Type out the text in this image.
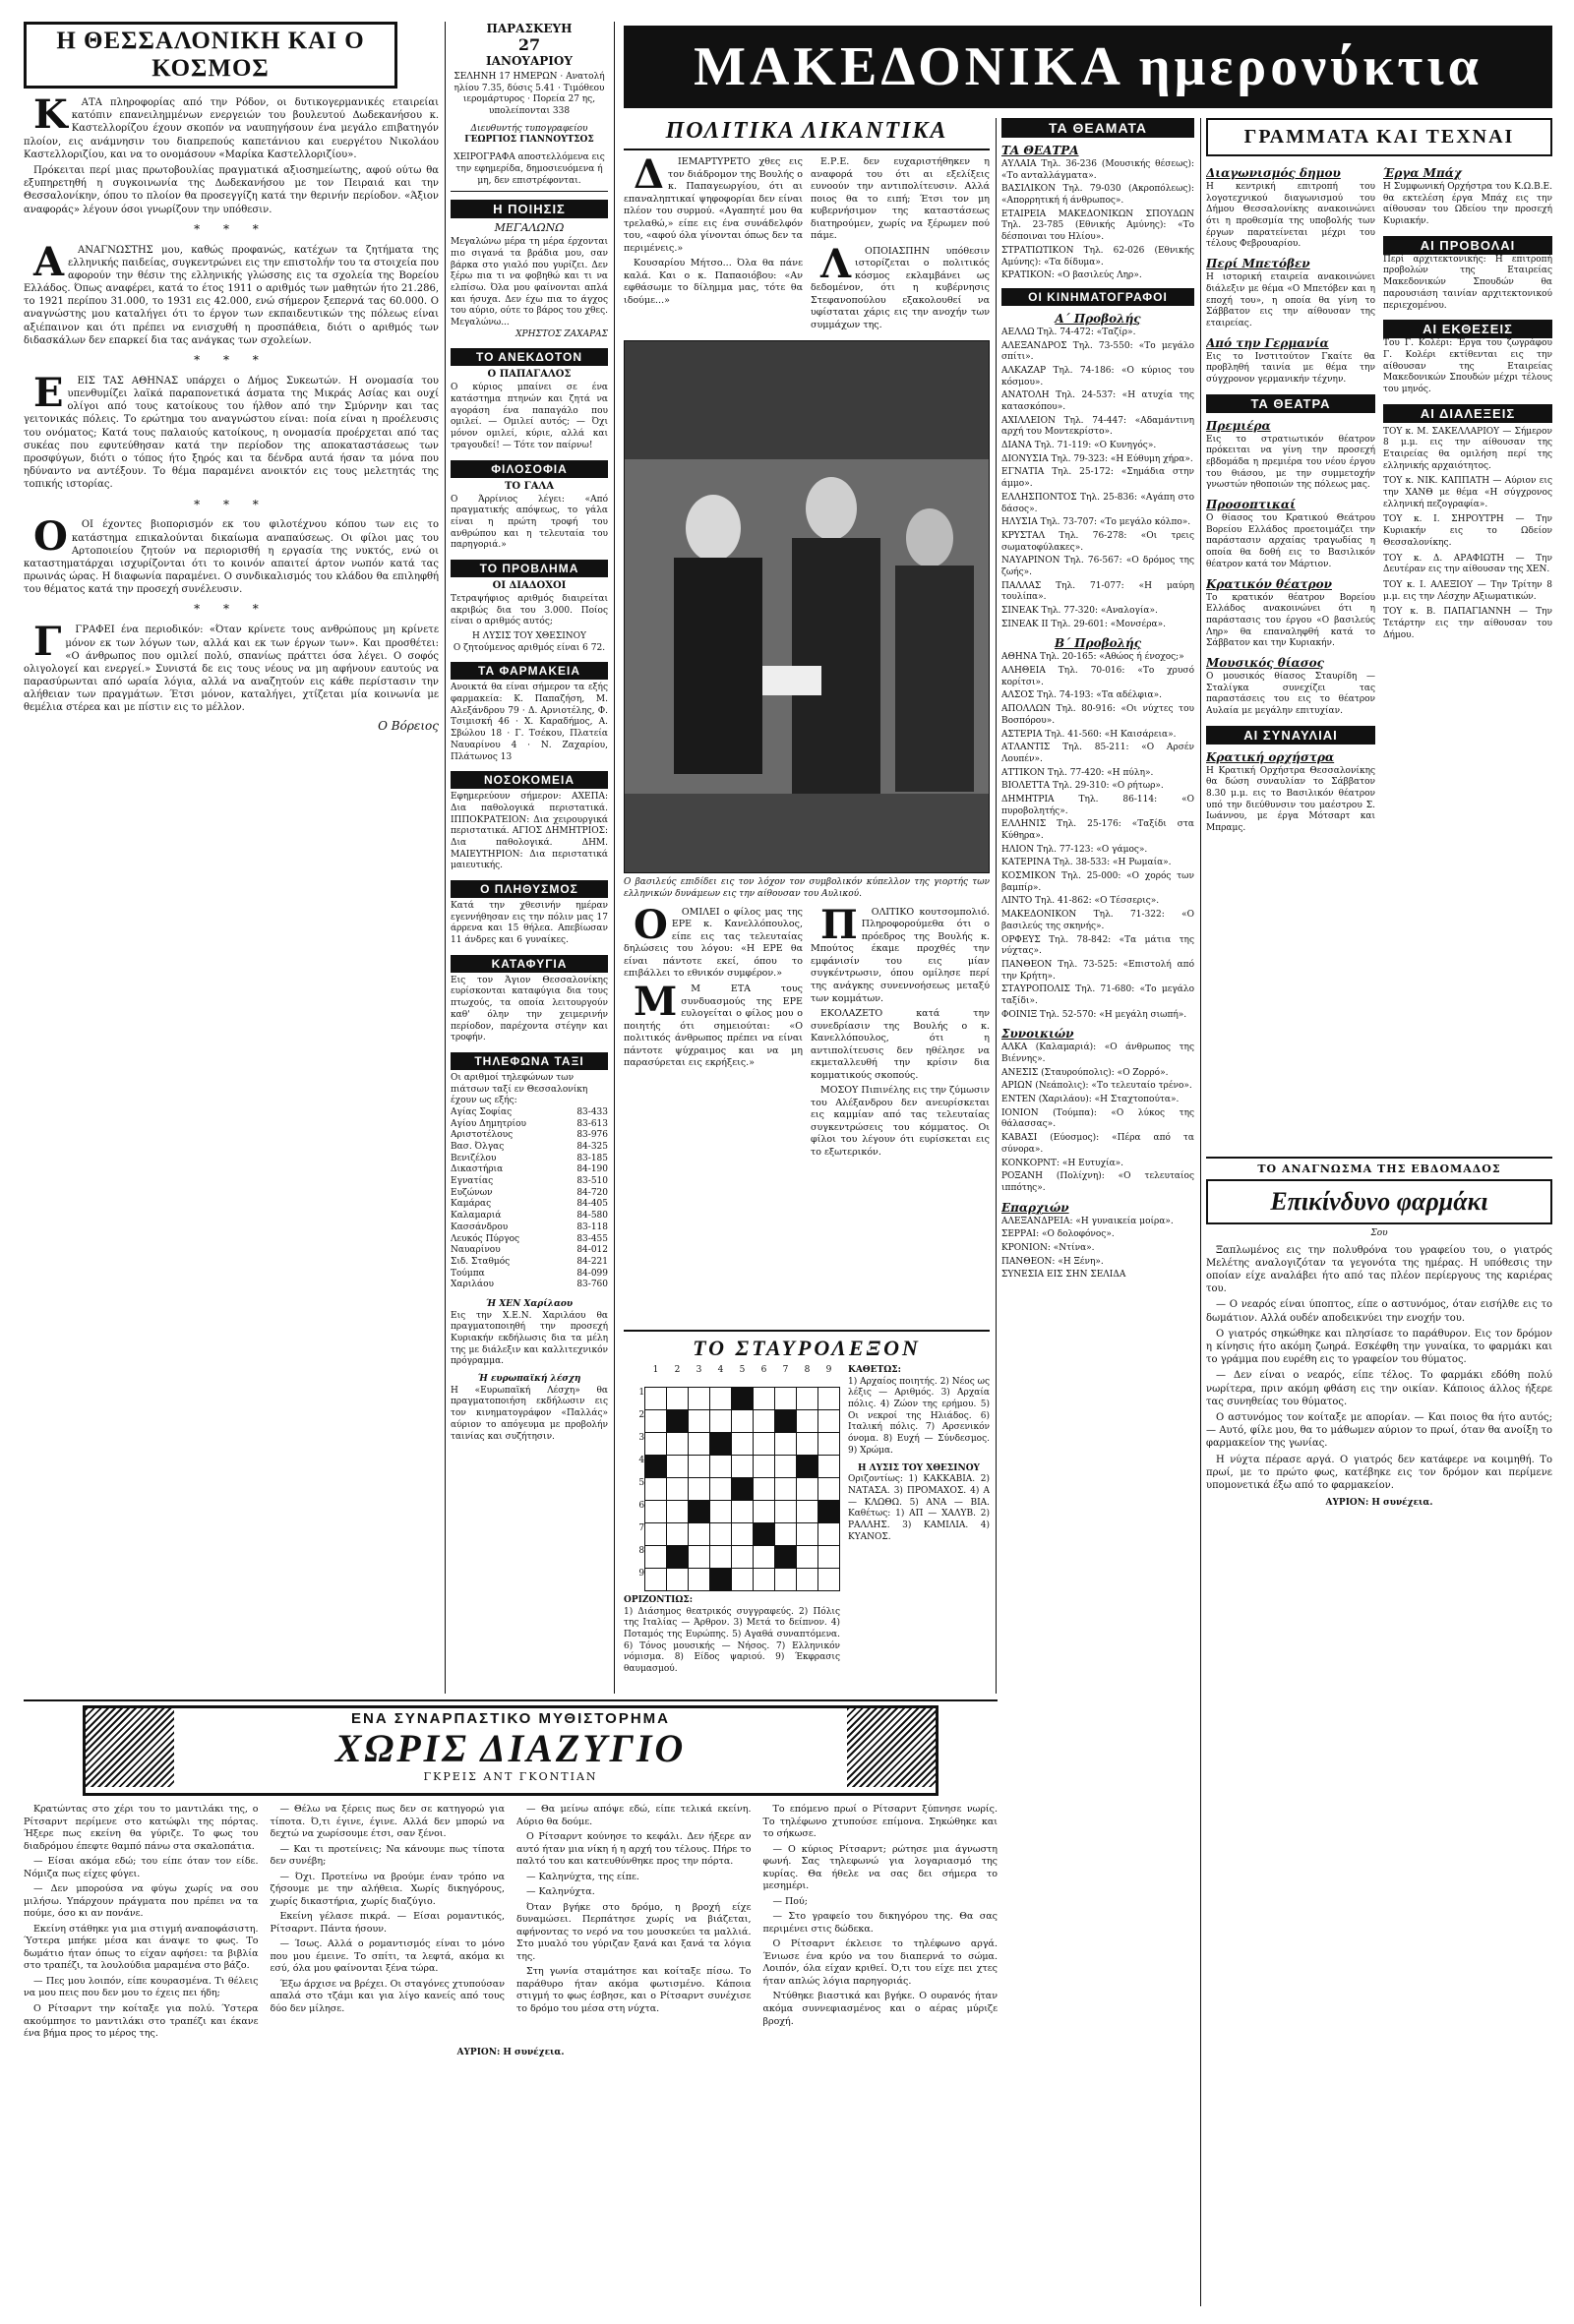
Η ΘΕΣΣΑΛΟΝΙΚΗ ΚΑΙ Ο ΚΟΣΜΟΣ

Κ ΑΤΑ πληροφορίας από την Ρόδον, οι δυτικογερμανικές εταιρείαι κατόπιν επανειλημμένων ενεργειών του βουλευτού Δωδεκανήσου κ. Καστελλορίζου έχουν σκοπόν να ναυπηγήσουν ένα μεγάλο επιβατηγόν πλοίον, εις ανάμνησιν του διαπρεπούς καπετάνιου και ευεργέτου Νικολάου Καστελλοριζίου, και να το ονομάσουν «Μαρίκα Καστελλοριζίου».

Πρόκειται περί μιας πρωτοβουλίας πραγματικά αξιοσημείωτης, αφού ούτω θα εξυπηρετηθή η συγκοινωνία της Δωδεκανήσου με τον Πειραιά και την Θεσσαλονίκην, όπου το πλοίον θα προσεγγίζη κατά την θερινήν περίοδον. «Άξιον αναφοράς» λέγουν όσοι γνωρίζουν την υπόθεσιν.

* * *

Α ΑΝΑΓΝΩΣΤΗΣ μου, καθώς προφανώς, κατέχων τα ζητήματα της ελληνικής παιδείας, συγκεντρώνει εις την επιστολήν του τα στοιχεία που αφορούν την θέσιν της ελληνικής γλώσσης εις τα σχολεία της Βορείου Ελλάδος. Όπως αναφέρει, κατά το έτος 1911 ο αριθμός των μαθητών ήτο 21.286, το 1921 περίπου 31.000, το 1931 εις 42.000, ενώ σήμερον ξεπερνά τας 60.000. Ο αναγνώστης μου καταλήγει ότι το έργον των εκπαιδευτικών της πόλεως είναι αξιέπαινον και ότι πρέπει να ενισχυθή η προσπάθεια, διότι ο αριθμός των διδασκάλων δεν επαρκεί δια τας ανάγκας των σχολείων.

* * *

Ε ΕΙΣ ΤΑΣ ΑΘΗΝΑΣ υπάρχει ο Δήμος Συκεωτών. Η ονομασία του υπενθυμίζει λαϊκά παραπονετικά άσματα της Μικράς Ασίας και ουχί ολίγοι από τους κατοίκους του ήλθον από την Σμύρνην και τας γειτονικάς πόλεις. Το ερώτημα του αναγνώστου είναι: ποία είναι η προέλευσις του ονόματος; Κατά τους παλαιούς κατοίκους, η ονομασία προέρχεται από τας συκέας που εφυτεύθησαν κατά την περίοδον της αποκαταστάσεως των προσφύγων, διότι ο τόπος ήτο ξηρός και τα δένδρα αυτά ήσαν τα μόνα που ηδύναντο να αντέξουν. Το θέμα παραμένει ανοικτόν εις τους μελετητάς της τοπικής ιστορίας.

* * *

Ο ΟΙ έχοντες βιοπορισμόν εκ του φιλοτέχνου κόπου των εις το κατάστημα επικαλούνται δικαίωμα αναπαύσεως. Οι φίλοι μας του Αρτοποιείου ζητούν να περιορισθή η εργασία της νυκτός, ενώ οι καταστηματάρχαι ισχυρίζονται ότι το κοινόν απαιτεί άρτον νωπόν κατά τας πρωινάς ώρας. Η διαφωνία παραμένει. Ο συνδικαλισμός του κλάδου θα επιληφθή του θέματος κατά την προσεχή συνέλευσιν.

* * *

Γ ΓΡΑΦΕΙ ένα περιοδικόν: «Όταν κρίνετε τους ανθρώπους μη κρίνετε μόνον εκ των λόγων των, αλλά και εκ των έργων των». Και προσθέτει: «Ο άνθρωπος που ομιλεί πολύ, σπανίως πράττει όσα λέγει. Ο σοφός ολιγολογεί και ενεργεί.» Συνιστά δε εις τους νέους να μη αφήνουν εαυτούς να παρασύρωνται από ωραία λόγια, αλλά να αναζητούν εις κάθε περίστασιν την αλήθειαν των πραγμάτων. Έτσι μόνον, καταλήγει, χτίζεται μία κοινωνία με θεμέλια στέρεα και με πίστιν εις το μέλλον.

Ο Βόρειος
ΠΑΡΑΣΚΕΥΗ
27
ΙΑΝΟΥΑΡΙΟΥ
ΣΕΛΗΝΗ 17 ΗΜΕΡΩΝ · Ανατολή ηλίου 7.35, δύσις 5.41 · Τιμόθεου ιερομάρτυρος · Πορεία 27 ης, υπολείπονται 338
Διευθυντής τυπογραφείου
ΓΕΩΡΓΙΟΣ ΓΙΑΝΝΟΥΤΣΟΣ
ΧΕΙΡΟΓΡΑΦΑ αποστελλόμενα εις την εφημερίδα, δημοσιευόμενα ή μη, δεν επιστρέφονται.
Η ΠΟΙΗΣΙΣ
ΜΕΓΑΛΩΝΩ
Μεγαλώνω μέρα τη μέρα έρχονται πιο σιγανά τα βράδια μου, σαν βάρκα στο γιαλό που γυρίζει. Δεν ξέρω πια τι να φοβηθώ και τι να ελπίσω. Όλα μου φαίνονται απλά και ήσυχα. Δεν έχω πια το άγχος του αύριο, ούτε το βάρος του χθες. Μεγαλώνω...
ΧΡΗΣΤΟΣ ΖΑΧΑΡΑΣ
ΤΟ ΑΝΕΚΔΟΤΟΝ
Ο ΠΑΠΑΓΑΛΟΣ
Ο κύριος μπαίνει σε ένα κατάστημα πτηνών και ζητά να αγοράση ένα παπαγάλο που ομιλεί. — Ομιλεί αυτός; — Όχι μόνον ομιλεί, κύριε, αλλά και τραγουδεί! — Τότε τον παίρνω!
ΦΙΛΟΣΟΦΙΑ
ΤΟ ΓΑΛΑ
Ο Άρρίνιος λέγει: «Από πραγματικής απόψεως, το γάλα είναι η πρώτη τροφή του ανθρώπου και η τελευταία του παρηγοριά.»
ΤΟ ΠΡΟΒΛΗΜΑ
ΟΙ ΔΙΑΔΟΧΟΙ
Τετραψήφιος αριθμός διαιρείται ακριβώς δια του 3.000. Ποίος είναι ο αριθμός αυτός;
Η ΛΥΣΙΣ ΤΟΥ ΧΘΕΣΙΝΟΥ
Ο ζητούμενος αριθμός είναι 6 72.
ΤΑ ΦΑΡΜΑΚΕΙΑ
Ανοικτά θα είναι σήμερον τα εξής φαρμακεία: Κ. Παπαζήση, Μ. Αλεξάνδρου 79 · Δ. Αρνιοτέλης, Φ. Τσιμισκή 46 · Χ. Καραδήμος, Α. Σβώλου 18 · Γ. Τσέκου, Πλατεία Ναυαρίνου 4 · Ν. Ζαχαρίου, Πλάτωνος 13
ΝΟΣΟΚΟΜΕΙΑ
Εφημερεύουν σήμερον: ΑΧΕΠΑ: Δια παθολογικά περιστατικά. ΙΠΠΟΚΡΑΤΕΙΟΝ: Δια χειρουργικά περιστατικά. ΑΓΙΟΣ ΔΗΜΗΤΡΙΟΣ: Δια παθολογικά. ΔΗΜ. ΜΑΙΕΥΤΗΡΙΟΝ: Δια περιστατικά μαιευτικής.
Ο ΠΛΗΘΥΣΜΟΣ
Κατά την χθεσινήν ημέραν εγεννήθησαν εις την πόλιν μας 17 άρρενα και 15 θήλεα. Απεβίωσαν 11 άνδρες και 6 γυναίκες.
ΚΑΤΑΦΥΓΙΑ
Εις τον Άγιον Θεσσαλονίκης ευρίσκονται καταφύγια δια τους πτωχούς, τα οποία λειτουργούν καθ' όλην την χειμερινήν περίοδον, παρέχοντα στέγην και τροφήν.
ΤΗΛΕΦΩΝΑ ΤΑΞΙ
Οι αριθμοί τηλεφώνων των πιάτσων ταξί εν Θεσσαλονίκη έχουν ως εξής:
Αγίας Σοφίας	83-433
Αγίου Δημητρίου	83-613
Αριστοτέλους	83-976
Βασ. Όλγας	84-325
Βενιζέλου	83-185
Δικαστήρια	84-190
Εγνατίας	83-510
Ευζώνων	84-720
Καμάρας	84-405
Καλαμαριά	84-580
Κασσάνδρου	83-118
Λευκός Πύργος	83-455
Ναυαρίνου	84-012
Σιδ. Σταθμός	84-221
Τούμπα	84-099
Χαριλάου	83-760
Ή ΧΕΝ Χαρίλαου
Εις την Χ.Ε.Ν. Χαριλάου θα πραγματοποιηθή την προσεχή Κυριακήν εκδήλωσις δια τα μέλη της με διάλεξιν και καλλιτεχνικόν πρόγραμμα.
Ή ευρωπαϊκή λέσχη
Η «Ευρωπαϊκή Λέσχη» θα πραγματοποιήση εκδήλωσιν εις τον κινηματογράφον «Παλλάς» αύριον το απόγευμα με προβολήν ταινίας και συζήτησιν.
ΜΑΚΕΔΟΝΙΚΑ ημερονύκτια
ΠΟΛΙΤΙΚΑ ΛΙΚΑΝΤΙΚΑ

Δ ΙΕΜΑΡΤΥΡΕΤΟ χθες εις τον διάδρομον της Βουλής ο κ. Παπαγεωργίου, ότι αι επαναληπτικαί ψηφοφορίαι δεν είναι πλέον του συρμού. «Αγαπητέ μου θα τρελαθώ,» είπε εις ένα συνάδελφόν του, «αφού όλα γίνονται όπως δεν τα περιμένεις.»

Κουσαρίου Μήτσο... Όλα θα πάνε καλά. Και ο κ. Παπαοιόβου: «Αν εφθάσωμε το δίλημμα μας, τότε θα ιδούμε...»

Ε.Ρ.Ε. δεν ευχαριστήθηκεν η αναφορά του ότι αι εξελίξεις ευνοούν την αντιπολίτευσιν. Αλλά ποιος θα το ειπή; Έτσι τον μη κυβερνήσιμον της καταστάσεως διατηρούμεν, χωρίς να ξέρωμεν πού πάμε.

Λ ΟΠΟΙΑΣΠΗΝ υπόθεσιν ιστορίζεται ο πολιτικός κόσμος εκλαμβάνει ως δεδομένον, ότι η κυβέρνησις Στεφανοπούλου εξακολουθεί να υφίσταται χάρις εις την ανοχήν των συμμάχων της.

Ο βασιλεύς επιδίδει εις τον λόχον τον συμβολικόν κύπελλον της γιορτής των ελληνικών δυνάμεων εις την αίθουσαν του Αυλικού.

Ο ΟΜΙΛΕΙ ο φίλος μας της ΕΡΕ κ. Κανελλόπουλος, είπε εις τας τελευταίας δηλώσεις του λόγου: «Η ΕΡΕ θα είναι πάντοτε εκεί, όπου το επιβάλλει το εθνικόν συμφέρον.»

Μ Μ ΕΤΑ τους συνδυασμούς της ΕΡΕ ευλογείται ο φίλος μου ο ποιητής ότι σημειούται: «Ο πολιτικός άνθρωπος πρέπει να είναι πάντοτε ψύχραιμος και να μη παρασύρεται εις εκρήξεις.»

Π ΟΛΙΤΙΚΟ κουτσομπολιό. Πληροφορούμεθα ότι ο πρόεδρος της Βουλής κ. Μπούτος έκαμε προχθές την εμφάνισίν του εις μίαν συγκέντρωσιν, όπου ομίλησε περί της ανάγκης συνεννοήσεως μεταξύ των κομμάτων.

ΕΚΟΛΑΖΕΤΟ κατά την συνεδρίασιν της Βουλής ο κ. Κανελλόπουλος, ότι η αντιπολίτευσις δεν ηθέλησε να εκμεταλλευθή την κρίσιν δια κομματικούς σκοπούς.

ΜΟΣΟΥ Πιπινέλης εις την ζύμωσιν του Αλέξανδρου δεν ανευρίσκεται εις καμμίαν από τας τελευταίας συγκεντρώσεις του κόμματος. Οι φίλοι του λέγουν ότι ευρίσκεται εις το εξωτερικόν.

ΤΟ ΣΤΑΥΡΟΛΕΞΟΝ
	1	2	3	4	5	6	7	8	9
1									
2									
3									
4									
5									
6									
7									
8									
9									
ΟΡΙΖΟΝΤΙΩΣ:
1) Διάσημος θεατρικός συγγραφεύς. 2) Πόλις της Ιταλίας — Άρθρον. 3) Μετά το δείπνον. 4) Ποταμός της Ευρώπης. 5) Αγαθά συναπτόμενα. 6) Τόνος μουσικής — Νήσος. 7) Ελληνικόν νόμισμα. 8) Είδος ψαριού. 9) Έκφρασις θαυμασμού.
ΚΑΘΕΤΩΣ:
1) Αρχαίος ποιητής. 2) Νέος ως λέξις — Αριθμός. 3) Αρχαία πόλις. 4) Ζώον της ερήμου. 5) Οι νεκροί της Ηλιάδος. 6) Ιταλική πόλις. 7) Αρσενικόν όνομα. 8) Ευχή — Σύνδεσμος. 9) Χρώμα.
Η ΛΥΣΙΣ ΤΟΥ ΧΘΕΣΙΝΟΥ
Οριζοντίως: 1) ΚΑΚΚΑΒΙΑ. 2) ΝΑΤΑΣΑ. 3) ΠΡΟΜΑΧΟΣ. 4) Α — ΚΛΩΘΩ. 5) ΑΝΑ — ΒΙΑ. Καθέτως: 1) ΑΠ — ΧΑΛΥΒ. 2) ΡΑΛΛΗΣ. 3) ΚΑΜΙΛΙΑ. 4) ΚΥΑΝΟΣ.
ΤΑ ΘΕΑΜΑΤΑ
ΤΑ ΘΕΑΤΡΑ
ΑΥΛΑΙΑ Τηλ. 36-236 (Μουσικής θέσεως): «Το ανταλλάγματα».
ΒΑΣΙΛΙΚΟΝ Τηλ. 79-030 (Ακροπόλεως): «Απορρητική ή άνθρωπος».
ΕΤΑΙΡΕΙΑ ΜΑΚΕΔΟΝΙΚΩΝ ΣΠΟΥΔΩΝ Τηλ. 23-785 (Εθνικής Αμύνης): «Το δέσποιναι του Ηλίου».
ΣΤΡΑΤΙΩΤΙΚΟΝ Τηλ. 62-026 (Εθνικής Αμύνης): «Τα δίδυμα».
ΚΡΑΤΙΚΟΝ: «Ο βασιλεύς Ληρ».
ΟΙ ΚΙΝΗΜΑΤΟΓΡΑΦΟΙ
Α΄ Προβολής
ΑΕΛΛΩ Τηλ. 74-472: «Ταζίρ».
ΑΛΕΞΑΝΔΡΟΣ Τηλ. 73-550: «Το μεγάλο σπίτι».
ΑΛΚΑΖΑΡ Τηλ. 74-186: «Ο κύριος του κόσμου».
ΑΝΑΤΟΛΗ Τηλ. 24-537: «Η ατυχία της κατασκόπου».
ΑΧΙΛΛΕΙΟΝ Τηλ. 74-447: «Αδαμάντινη αρχή του Μοντεκρίστο».
ΔΙΑΝΑ Τηλ. 71-119: «Ο Κυνηγός».
ΔΙΟΝΥΣΙΑ Τηλ. 79-323: «Η Εύθυμη χήρα».
ΕΓΝΑΤΙΑ Τηλ. 25-172: «Σημάδια στην άμμο».
ΕΛΛΗΣΠΟΝΤΟΣ Τηλ. 25-836: «Αγάπη στο δάσος».
ΗΛΥΣΙΑ Τηλ. 73-707: «Το μεγάλο κόλπο».
ΚΡΥΣΤΑΛ Τηλ. 76-278: «Οι τρεις σωματοφύλακες».
ΝΑΥΑΡΙΝΟΝ Τηλ. 76-567: «Ο δρόμος της ζωής».
ΠΑΛΛΑΣ Τηλ. 71-077: «Η μαύρη τουλίπα».
ΣΙΝΕΑΚ Τηλ. 77-320: «Αναλογία».
ΣΙΝΕΑΚ ΙΙ Τηλ. 29-601: «Μονσέρα».
Β΄ Προβολής
ΑΘΗΝΑ Τηλ. 20-165: «Αθώος ή ένοχος;»
ΑΛΗΘΕΙΑ Τηλ. 70-016: «Το χρυσό κορίτσι».
ΑΛΣΟΣ Τηλ. 74-193: «Τα αδέλφια».
ΑΠΟΛΛΩΝ Τηλ. 80-916: «Οι νύχτες του Βοσπόρου».
ΑΣΤΕΡΙΑ Τηλ. 41-560: «Η Καισάρεια».
ΑΤΛΑΝΤΙΣ Τηλ. 85-211: «Ο Αρσέν Λουπέν».
ΑΤΤΙΚΟΝ Τηλ. 77-420: «Η πύλη».
ΒΙΟΛΕΤΤΑ Τηλ. 29-310: «Ο ρήτωρ».
ΔΗΜΗΤΡΙΑ Τηλ. 86-114: «Ο πυροβολητής».
ΕΛΛΗΝΙΣ Τηλ. 25-176: «Ταξίδι στα Κύθηρα».
ΗΛΙΟΝ Τηλ. 77-123: «Ο γάμος».
ΚΑΤΕΡΙΝΑ Τηλ. 38-533: «Η Ρωμαία».
ΚΟΣΜΙΚΟΝ Τηλ. 25-000: «Ο χορός των βαμπίρ».
ΛΙΝΤΟ Τηλ. 41-862: «Ο Τέσσερις».
ΜΑΚΕΔΟΝΙΚΟΝ Τηλ. 71-322: «Ο βασιλεύς της σκηνής».
ΟΡΦΕΥΣ Τηλ. 78-842: «Τα μάτια της νύχτας».
ΠΑΝΘΕΟΝ Τηλ. 73-525: «Επιστολή από την Κρήτη».
ΣΤΑΥΡΟΠΟΛΙΣ Τηλ. 71-680: «Το μεγάλο ταξίδι».
ΦΟΙΝΙΞ Τηλ. 52-570: «Η μεγάλη σιωπή».
Συνοικιών
ΑΛΚΑ (Καλαμαριά): «Ο άνθρωπος της Βιέννης».
ΑΝΕΣΙΣ (Σταυρούπολις): «Ο Ζορρό».
ΑΡΙΩΝ (Νεάπολις): «Το τελευταίο τρένο».
ΕΝΤΕΝ (Χαριλάου): «Η Σταχτοπούτα».
ΙΟΝΙΟΝ (Τούμπα): «Ο λύκος της θάλασσας».
ΚΑΒΑΣΙ (Εύοσμος): «Πέρα από τα σύνορα».
ΚΟΝΚΟΡΝΤ: «Η Ευτυχία».
ΡΟΞΑΝΗ (Πολίχνη): «Ο τελευταίος ιππότης».
Επαρχιών
ΑΛΕΞΑΝΔΡΕΙΑ: «Η γυναικεία μοίρα».
ΣΕΡΡΑΙ: «Ο δολοφόνος».
ΚΡΟΝΙΟΝ: «Ντίνα».
ΠΑΝΘΕΟΝ: «Η Ξένη».
ΣΥΝΕΣΙΑ ΕΙΣ ΣΗΝ ΣΕΛΙΔΑ
ΓΡΑΜΜΑΤΑ ΚΑΙ ΤΕΧΝΑΙ
Διαγωνισμός δημου
Η κεντρική επιτροπή του λογοτεχνικού διαγωνισμού του Δήμου Θεσσαλονίκης ανακοινώνει ότι η προθεσμία της υποβολής των έργων παρατείνεται μέχρι του τέλους Φεβρουαρίου.
Περί Μπετόβεν
Η ιστορική εταιρεία ανακοινώνει διάλεξιν με θέμα «Ο Μπετόβεν και η εποχή του», η οποία θα γίνη το Σάββατον εις την αίθουσαν της εταιρείας.
Από την Γερμανία
Εις το Ινστιτούτον Γκαίτε θα προβληθή ταινία με θέμα την σύγχρονον γερμανικήν τέχνην.
ΤΑ ΘΕΑΤΡΑ
Πρεμιέρα
Εις το στρατιωτικόν θέατρον πρόκειται να γίνη την προσεχή εβδομάδα η πρεμιέρα του νέου έργου του θιάσου, με την συμμετοχήν γνωστών ηθοποιών της πόλεως μας.
Προσοπτικαί
Ο θίασος του Κρατικού Θεάτρου Βορείου Ελλάδος προετοιμάζει την παράστασιν αρχαίας τραγωδίας η οποία θα δοθή εις το Βασιλικόν θέατρον κατά τον Μάρτιον.
Κρατικόν θέατρον
Το κρατικόν θέατρον Βορείου Ελλάδος ανακοινώνει ότι η παράστασις του έργου «Ο βασιλεύς Ληρ» θα επαναληφθή κατά το Σάββατον και την Κυριακήν.
Μουσικός θίασος
Ο μουσικός θίασος Σταυρίδη — Σταλίγκα συνεχίζει τας παραστάσεις του εις το θέατρον Αυλαία με μεγάλην επιτυχίαν.
ΑΙ ΣΥΝΑΥΛΙΑΙ
Κρατική ορχήστρα
Η Κρατική Ορχήστρα Θεσσαλονίκης θα δώση συναυλίαν το Σάββατον 8.30 μ.μ. εις το Βασιλικόν θέατρον υπό την διεύθυνσιν του μαέστρου Σ. Ιωάννου, με έργα Μότσαρτ και Μπραμς.
Έργα Μπάχ
Η Συμφωνική Ορχήστρα του Κ.Ω.Β.Ε. θα εκτελέση έργα Μπάχ εις την αίθουσαν του Ωδείου την προσεχή Κυριακήν.
ΑΙ ΠΡΟΒΟΛΑΙ
Περί αρχιτεκτονικής: Η επιτροπή προβολών της Εταιρείας Μακεδονικών Σπουδών θα παρουσιάση ταινίαν αρχιτεκτονικού περιεχομένου.
ΑΙ ΕΚΘΕΣΕΙΣ
Του Γ. Κολέρι: Έργα του ζωγράφου Γ. Κολέρι εκτίθενται εις την αίθουσαν της Εταιρείας Μακεδονικών Σπουδών μέχρι τέλους του μηνός.
ΑΙ ΔΙΑΛΕΞΕΙΣ
ΤΟΥ κ. Μ. ΣΑΚΕΛΛΑΡΙΟΥ — Σήμερον 8 μ.μ. εις την αίθουσαν της Εταιρείας θα ομιλήση περί της ελληνικής αρχαιότητος.
ΤΟΥ κ. ΝΙΚ. ΚΑΠΠΑΤΗ — Αύριον εις την ΧΑΝΘ με θέμα «Η σύγχρονος ελληνική πεζογραφία».
ΤΟΥ κ. Ι. ΣΗΡΟΥΤΡΗ — Την Κυριακήν εις το Ωδείον Θεσσαλονίκης.
ΤΟΥ κ. Δ. ΑΡΑΦΙΩΤΗ — Την Δευτέραν εις την αίθουσαν της ΧΕΝ.
ΤΟΥ κ. Ι. ΑΛΕΞΙΟΥ — Την Τρίτην 8 μ.μ. εις την Λέσχην Αξιωματικών.
ΤΟΥ κ. Β. ΠΑΠΑΓΙΑΝΝΗ — Την Τετάρτην εις την αίθουσαν του Δήμου.
ΤΟ ΑΝΑΓΝΩΣΜΑ ΤΗΣ ΕΒΔΟΜΑΔΟΣ
Επικίνδυνο φαρμάκι
Σου

Ξαπλωμένος εις την πολυθρόνα του γραφείου του, ο γιατρός Μελέτης αναλογιζόταν τα γεγονότα της ημέρας. Η υπόθεσις την οποίαν είχε αναλάβει ήτο από τας πλέον περίεργους της καριέρας του.

— Ο νεαρός είναι ύποπτος, είπε ο αστυνόμος, όταν εισήλθε εις το δωμάτιον. Αλλά ουδέν αποδεικνύει την ενοχήν του.

Ο γιατρός σηκώθηκε και πλησίασε το παράθυρον. Εις τον δρόμον η κίνησις ήτο ακόμη ζωηρά. Εσκέφθη την γυναίκα, το φαρμάκι και το γράμμα που ευρέθη εις το γραφείον του θύματος.

— Δεν είναι ο νεαρός, είπε τέλος. Το φαρμάκι εδόθη πολύ νωρίτερα, πριν ακόμη φθάση εις την οικίαν. Κάποιος άλλος ήξερε τας συνηθείας του θύματος.

Ο αστυνόμος τον κοίταξε με απορίαν. — Και ποιος θα ήτο αυτός; — Αυτό, φίλε μου, θα το μάθωμεν αύριον το πρωί, όταν θα ανοίξη το φαρμακείον της γωνίας.

Η νύχτα πέρασε αργά. Ο γιατρός δεν κατάφερε να κοιμηθή. Το πρωί, με το πρώτο φως, κατέβηκε εις τον δρόμον και περίμενε υπομονετικά έξω από το φαρμακείον.

ΑΥΡΙΟΝ: Η συνέχεια.
ΕΝΑ ΣΥΝΑΡΠΑΣΤΙΚΟ ΜΥΘΙΣΤΟΡΗΜΑ
ΧΩΡΙΣ ΔΙΑΖΥΓΙΟ
ΓΚΡΕΙΣ ΑΝΤ ΓΚΟΝΤΙΑΝ

Κρατώντας στο χέρι του το μαντιλάκι της, ο Ρίτσαρντ περίμενε στο κατώφλι της πόρτας. Ήξερε πως εκείνη θα γύριζε. Το φως του διαδρόμου έπεφτε θαμπό πάνω στα σκαλοπάτια.

— Είσαι ακόμα εδώ; του είπε όταν τον είδε. Νόμιζα πως είχες φύγει.

— Δεν μπορούσα να φύγω χωρίς να σου μιλήσω. Υπάρχουν πράγματα που πρέπει να τα πούμε, όσο κι αν πονάνε.

Εκείνη στάθηκε για μια στιγμή αναποφάσιστη. Ύστερα μπήκε μέσα και άναψε το φως. Το δωμάτιο ήταν όπως το είχαν αφήσει: τα βιβλία στο τραπέζι, τα λουλούδια μαραμένα στο βάζο.

— Πες μου λοιπόν, είπε κουρασμένα. Τι θέλεις να μου πεις που δεν μου το έχεις πει ήδη;

Ο Ρίτσαρντ την κοίταξε για πολύ. Ύστερα ακούμπησε το μαντιλάκι στο τραπέζι και έκανε ένα βήμα προς το μέρος της.

— Θέλω να ξέρεις πως δεν σε κατηγορώ για τίποτα. Ό,τι έγινε, έγινε. Αλλά δεν μπορώ να δεχτώ να χωρίσουμε έτσι, σαν ξένοι.

— Και τι προτείνεις; Να κάνουμε πως τίποτα δεν συνέβη;

— Όχι. Προτείνω να βρούμε έναν τρόπο να ζήσουμε με την αλήθεια. Χωρίς δικηγόρους, χωρίς δικαστήρια, χωρίς διαζύγιο.

Εκείνη γέλασε πικρά. — Είσαι ρομαντικός, Ρίτσαρντ. Πάντα ήσουν.

— Ίσως. Αλλά ο ρομαντισμός είναι το μόνο που μου έμεινε. Το σπίτι, τα λεφτά, ακόμα κι εσύ, όλα μου φαίνονται ξένα τώρα.

Έξω άρχισε να βρέχει. Οι σταγόνες χτυπούσαν απαλά στο τζάμι και για λίγο κανείς από τους δύο δεν μίλησε.

— Θα μείνω απόψε εδώ, είπε τελικά εκείνη. Αύριο θα δούμε.

Ο Ρίτσαρντ κούνησε το κεφάλι. Δεν ήξερε αν αυτό ήταν μια νίκη ή η αρχή του τέλους. Πήρε το παλτό του και κατευθύνθηκε προς την πόρτα.

— Καληνύχτα, της είπε.

— Καληνύχτα.

Όταν βγήκε στο δρόμο, η βροχή είχε δυναμώσει. Περπάτησε χωρίς να βιάζεται, αφήνοντας το νερό να του μουσκεύει τα μαλλιά. Στο μυαλό του γύριζαν ξανά και ξανά τα λόγια της.

Στη γωνία σταμάτησε και κοίταξε πίσω. Το παράθυρο ήταν ακόμα φωτισμένο. Κάποια στιγμή το φως έσβησε, και ο Ρίτσαρντ συνέχισε το δρόμο του μέσα στη νύχτα.

Το επόμενο πρωί ο Ρίτσαρντ ξύπνησε νωρίς. Το τηλέφωνο χτυπούσε επίμονα. Σηκώθηκε και το σήκωσε.

— Ο κύριος Ρίτσαρντ; ρώτησε μια άγνωστη φωνή. Σας τηλεφωνώ για λογαριασμό της κυρίας. Θα ήθελε να σας δει σήμερα το μεσημέρι.

— Πού;

— Στο γραφείο του δικηγόρου της. Θα σας περιμένει στις δώδεκα.

Ο Ρίτσαρντ έκλεισε το τηλέφωνο αργά. Ένιωσε ένα κρύο να του διαπερνά το σώμα. Λοιπόν, όλα είχαν κριθεί. Ό,τι του είχε πει χτες ήταν απλώς λόγια παρηγοριάς.

Ντύθηκε βιαστικά και βγήκε. Ο ουρανός ήταν ακόμα συννεφιασμένος και ο αέρας μύριζε βροχή.

ΑΥΡΙΟΝ: Η συνέχεια.
